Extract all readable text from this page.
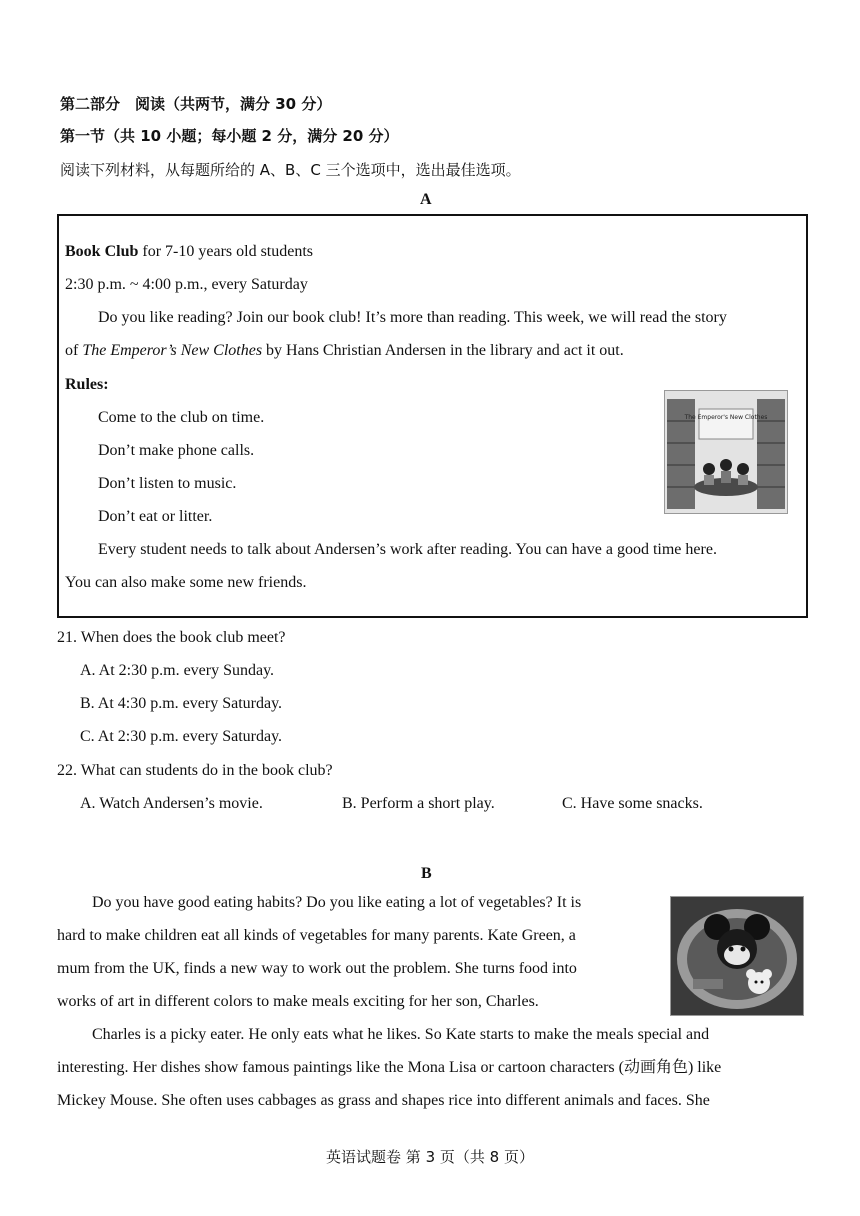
第二部分　阅读（共两节，满分 30 分）
第一节（共 10 小题；每小题 2 分，满分 20 分）
阅读下列材料，从每题所给的 A、B、C 三个选项中，选出最佳选项。
A
Book Club for 7-10 years old students
2:30 p.m. ~ 4:00 p.m., every Saturday
Do you like reading? Join our book club! It’s more than reading. This week, we will read the story
of The Emperor’s New Clothes by Hans Christian Andersen in the library and act it out.
Rules:
Come to the club on time.
Don’t make phone calls.
Don’t listen to music.
Don’t eat or litter.
Every student needs to talk about Andersen’s work after reading. You can have a good time here.
You can also make some new friends.
The Emperor's New Clothes
21. When does the book club meet?
A. At 2:30 p.m. every Sunday.
B. At 4:30 p.m. every Saturday.
C. At 2:30 p.m. every Saturday.
22. What can students do in the book club?
A. Watch Andersen’s movie.	B. Perform a short play.	C. Have some snacks.
B
Do you have good eating habits? Do you like eating a lot of vegetables? It is
hard to make children eat all kinds of vegetables for many parents. Kate Green, a
mum from the UK, finds a new way to work out the problem. She turns food into
works of art in different colors to make meals exciting for her son, Charles.
Charles is a picky eater. He only eats what he likes. So Kate starts to make the meals special and
interesting. Her dishes show famous paintings like the Mona Lisa or cartoon characters (动画角色) like
Mickey Mouse. She often uses cabbages as grass and shapes rice into different animals and faces. She
英语试题卷 第 3 页（共 8 页）
